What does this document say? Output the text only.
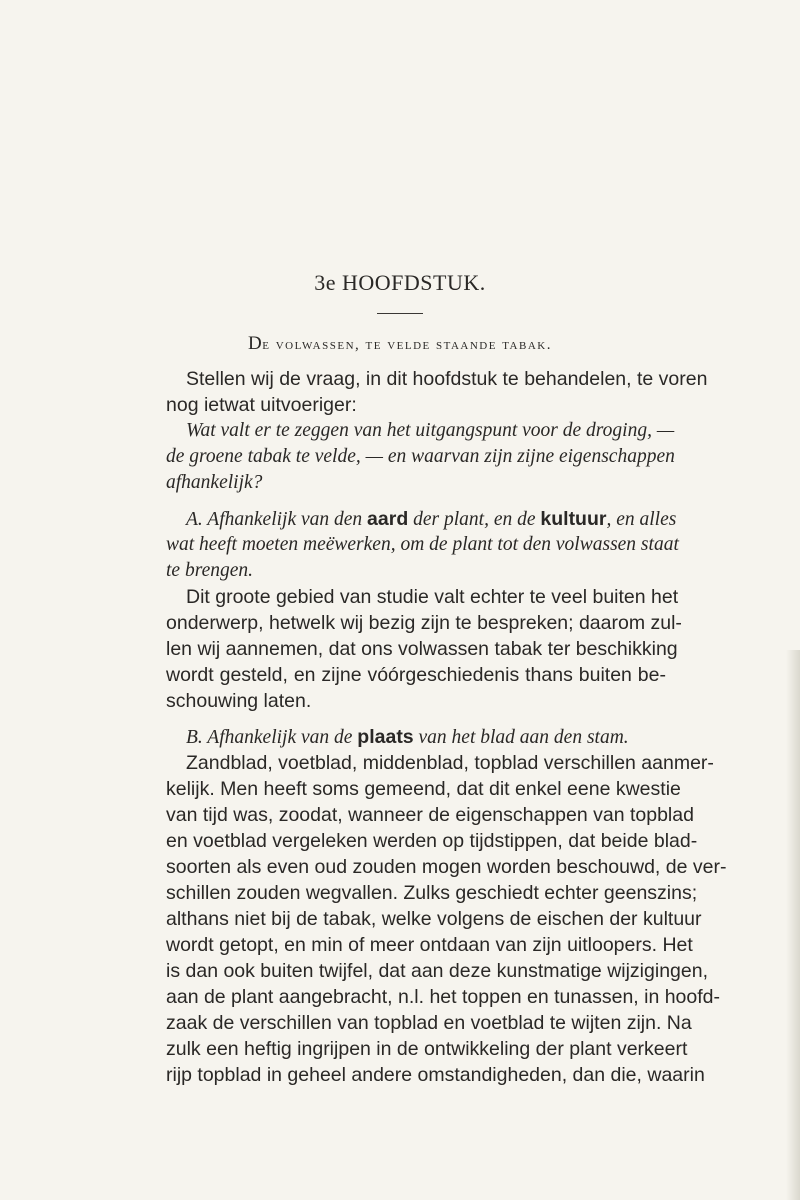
3e HOOFDSTUK.
De volwassen, te velde staande tabak.
Stellen wij de vraag, in dit hoofdstuk te behandelen, te voren
nog ietwat uitvoeriger:
Wat valt er te zeggen van het uitgangspunt voor de droging, —
de groene tabak te velde, — en waarvan zijn zijne eigenschappen
afhankelijk?
A. Afhankelijk van den aard der plant, en de kultuur, en alles
wat heeft moeten meëwerken, om de plant tot den volwassen staat
te brengen.
Dit groote gebied van studie valt echter te veel buiten het
onderwerp, hetwelk wij bezig zijn te bespreken; daarom zul-
len wij aannemen, dat ons volwassen tabak ter beschikking
wordt gesteld, en zijne vóórgeschiedenis thans buiten be-
schouwing laten.
B. Afhankelijk van de plaats van het blad aan den stam.
Zandblad, voetblad, middenblad, topblad verschillen aanmer-
kelijk. Men heeft soms gemeend, dat dit enkel eene kwestie
van tijd was, zoodat, wanneer de eigenschappen van topblad
en voetblad vergeleken werden op tijdstippen, dat beide blad-
soorten als even oud zouden mogen worden beschouwd, de ver-
schillen zouden wegvallen. Zulks geschiedt echter geenszins;
althans niet bij de tabak, welke volgens de eischen der kultuur
wordt getopt, en min of meer ontdaan van zijn uitloopers. Het
is dan ook buiten twijfel, dat aan deze kunstmatige wijzigingen,
aan de plant aangebracht, n.l. het toppen en tunassen, in hoofd-
zaak de verschillen van topblad en voetblad te wijten zijn. Na
zulk een heftig ingrijpen in de ontwikkeling der plant verkeert
rijp topblad in geheel andere omstandigheden, dan die, waarin
